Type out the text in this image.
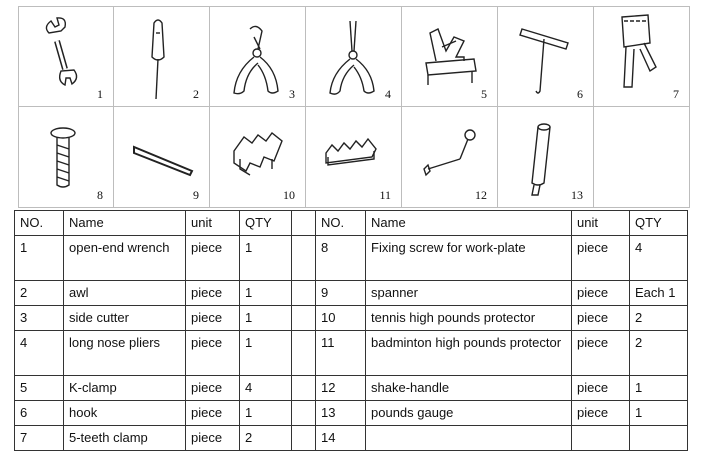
1	2	3	4	5	6	7
8	9	10	11	12	13
NO.	Name	unit	QTY		NO.	Name	unit	QTY
1	open-end wrench	piece	1		8	Fixing screw for work-plate	piece	4
2	awl	piece	1		9	spanner	piece	Each 1
3	side cutter	piece	1		10	tennis high pounds protector	piece	2
4	long nose pliers	piece	1		11	badminton high pounds protector	piece	2
5	K-clamp	piece	4		12	shake-handle	piece	1
6	hook	piece	1		13	pounds gauge	piece	1
7	5-teeth clamp	piece	2		14			
